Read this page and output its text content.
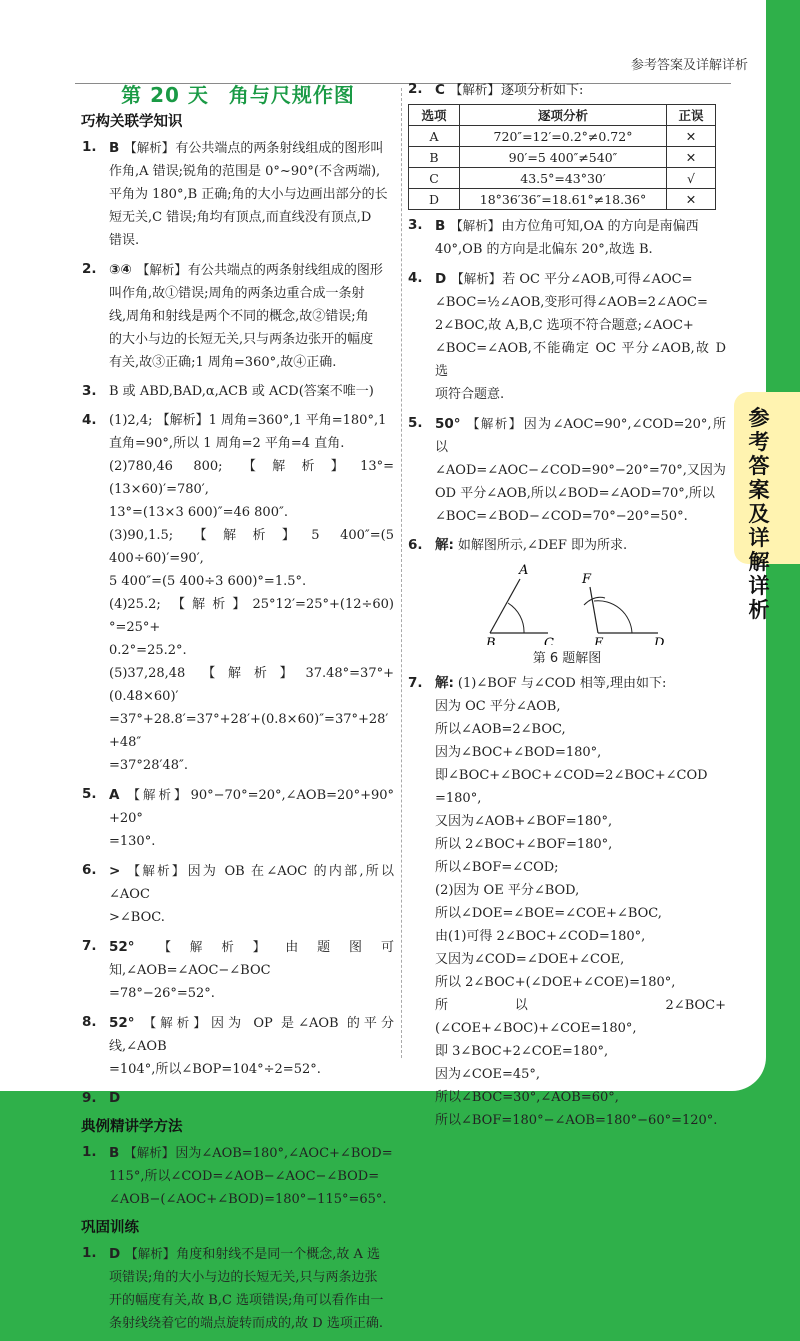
参考答案及详解详析
参考答案及详解详析
第 20 天 角与尺规作图
巧构关联学知识
1. B 【解析】有公共端点的两条射线组成的图形叫
作角,A 错误;锐角的范围是 0°~90°(不含两端),
平角为 180°,B 正确;角的大小与边画出部分的长
短无关,C 错误;角均有顶点,而直线没有顶点,D
错误.
2. ③④ 【解析】有公共端点的两条射线组成的图形
叫作角,故①错误;周角的两条边重合成一条射
线,周角和射线是两个不同的概念,故②错误;角
的大小与边的长短无关,只与两条边张开的幅度
有关,故③正确;1 周角=360°,故④正确.
3. B 或 ABD,BAD,α,ACB 或 ACD(答案不唯一)
4. (1)2,4; 【解析】1 周角=360°,1 平角=180°,1
直角=90°,所以 1 周角=2 平角=4 直角.
(2)780,46 800; 【解析】13°=(13×60)′=780′,
13°=(13×3 600)″=46 800″.
(3)90,1.5; 【解析】5 400″=(5 400÷60)′=90′,
5 400″=(5 400÷3 600)°=1.5°.
(4)25.2; 【解析】25°12′=25°+(12÷60)°=25°+
0.2°=25.2°.
(5)37,28,48 【解析】37.48°=37°+(0.48×60)′
=37°+28.8′=37°+28′+(0.8×60)″=37°+28′+48″
=37°28′48″.
5. A 【解析】90°−70°=20°,∠AOB=20°+90°+20°
=130°.
6. > 【解析】因为 OB 在∠AOC 的内部,所以∠AOC
>∠BOC.
7. 52° 【解析】由题图可知,∠AOB=∠AOC−∠BOC
=78°−26°=52°.
8. 52° 【解析】因为 OP 是∠AOB 的平分线,∠AOB
=104°,所以∠BOP=104°÷2=52°.
9. D
典例精讲学方法
1. B 【解析】因为∠AOB=180°,∠AOC+∠BOD=
115°,所以∠COD=∠AOB−∠AOC−∠BOD=
∠AOB−(∠AOC+∠BOD)=180°−115°=65°.
巩固训练
1. D 【解析】角度和射线不是同一个概念,故 A 选
项错误;角的大小与边的长短无关,只与两条边张
开的幅度有关,故 B,C 选项错误;角可以看作由一
条射线绕着它的端点旋转而成的,故 D 选项正确.
2. C 【解析】逐项分析如下:
选项	逐项分析	正误
A	720″=12′=0.2°≠0.72°	✕
B	90′=5 400″≠540″	✕
C	43.5°=43°30′	√
D	18°36′36″=18.61°≠18.36°	✕
3. B 【解析】由方位角可知,OA 的方向是南偏西
40°,OB 的方向是北偏东 20°,故选 B.
4. D 【解析】若 OC 平分∠AOB,可得∠AOC=
∠BOC=½∠AOB,变形可得∠AOB=2∠AOC=
2∠BOC,故 A,B,C 选项不符合题意;∠AOC+
∠BOC=∠AOB,不能确定 OC 平分∠AOB,故 D 选
项符合题意.
5. 50° 【解析】因为∠AOC=90°,∠COD=20°,所以
∠AOD=∠AOC−∠COD=90°−20°=70°,又因为
OD 平分∠AOB,所以∠BOD=∠AOD=70°,所以
∠BOC=∠BOD−∠COD=70°−20°=50°.
6. 解: 如解图所示,∠DEF 即为所求.
A
B	C
F
E	D
第 6 题解图
7. 解: (1)∠BOF 与∠COD 相等,理由如下:
因为 OC 平分∠AOB,
所以∠AOB=2∠BOC,
因为∠BOC+∠BOD=180°,
即∠BOC+∠BOC+∠COD=2∠BOC+∠COD
=180°,
又因为∠AOB+∠BOF=180°,
所以 2∠BOC+∠BOF=180°,
所以∠BOF=∠COD;
(2)因为 OE 平分∠BOD,
所以∠DOE=∠BOE=∠COE+∠BOC,
由(1)可得 2∠BOC+∠COD=180°,
又因为∠COD=∠DOE+∠COE,
所以 2∠BOC+(∠DOE+∠COE)=180°,
所以 2∠BOC+(∠COE+∠BOC)+∠COE=180°,
即 3∠BOC+2∠COE=180°,
因为∠COE=45°,
所以∠BOC=30°,∠AOB=60°,
所以∠BOF=180°−∠AOB=180°−60°=120°.
